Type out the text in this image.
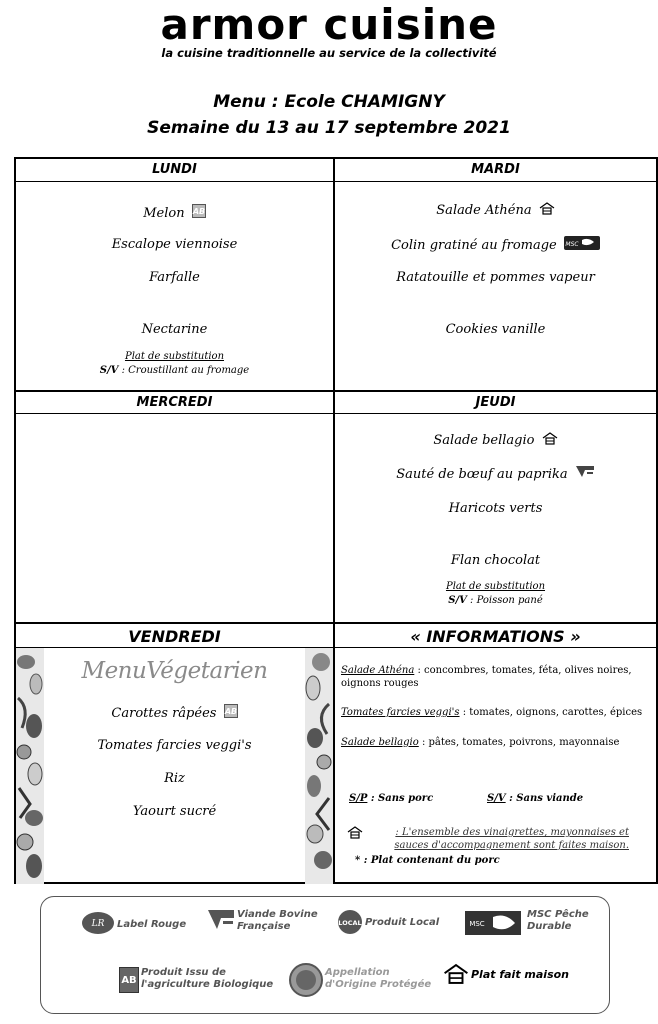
armor cuisine
la cuisine traditionnelle au service de la collectivité
Menu : Ecole CHAMIGNY
Semaine du 13 au 17 septembre 2021
LUNDI
Melon AB
Escalope viennoise
Farfalle
Nectarine
Plat de substitution
S/V : Croustillant au fromage
MARDI
Salade Athéna
Colin gratiné au fromage MSC
Ratatouille et pommes vapeur
Cookies vanille
MERCREDI	JEUDI
Salade bellagio
Sauté de bœuf au paprika
Haricots verts
Flan chocolat
Plat de substitution
S/V : Poisson pané
VENDREDI
MenuVégetarien
Carottes râpées AB
Tomates farcies veggi's
Riz
Yaourt sucré
« INFORMATIONS »
Salade Athéna : concombres, tomates, féta, olives noires, oignons rouges
Tomates farcies veggi's : tomates, oignons, carottes, épices
Salade bellagio : pâtes, tomates, poivrons, mayonnaise
S/P : Sans porc	S/V : Sans viande
: L'ensemble des vinaigrettes, mayonnaises et sauces d'accompagnement sont faites maison.
* : Plat contenant du porc
LR Label Rouge
Viande Bovine Française	LOCAL Produit Local	MSC
MSC Pêche Durable
AB
Produit Issu de l'agriculture Biologique
Appellation d'Origine Protégée
Plat fait maison
